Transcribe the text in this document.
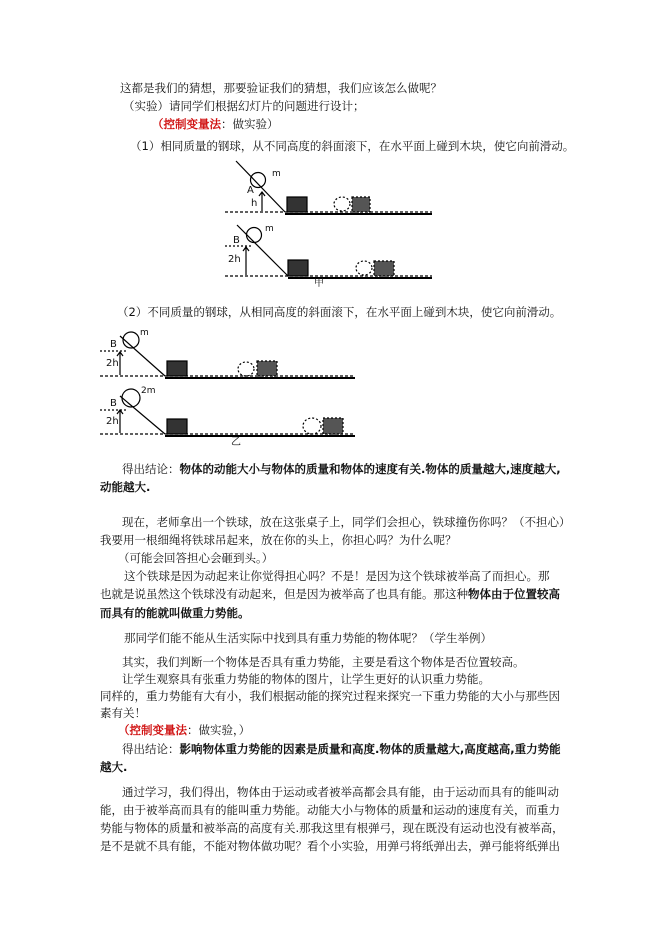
这都是我们的猜想，那要验证我们的猜想，我们应该怎么做呢？
（实验）请同学们根据幻灯片的问题进行设计；
（控制变量法：做实验）
（1）相同质量的钢球，从不同高度的斜面滚下，在水平面上碰到木块，使它向前滑动。
m
A
h
B
m
2h
甲
（2）不同质量的钢球，从相同高度的斜面滚下，在水平面上碰到木块，使它向前滑动。
m
B
2h
2m
B
2h
乙
得出结论：物体的动能大小与物体的质量和物体的速度有关.物体的质量越大,速度越大,
动能越大.
现在，老师拿出一个铁球，放在这张桌子上，同学们会担心，铁球撞伤你吗？（不担心）
我要用一根细绳将铁球吊起来，放在你的头上，你担心吗？为什么呢？
（可能会回答担心会砸到头。）
这个铁球是因为动起来让你觉得担心吗？不是！是因为这个铁球被举高了而担心。那
也就是说虽然这个铁球没有动起来，但是因为被举高了也具有能。那这种物体由于位置较高
而具有的能就叫做重力势能。
那同学们能不能从生活实际中找到具有重力势能的物体呢？（学生举例）
其实，我们判断一个物体是否具有重力势能，主要是看这个物体是否位置较高。
让学生观察具有张重力势能的物体的图片，让学生更好的认识重力势能。
同样的，重力势能有大有小，我们根据动能的探究过程来探究一下重力势能的大小与那些因
素有关！
（控制变量法：做实验，）
得出结论：影响物体重力势能的因素是质量和高度.物体的质量越大,高度越高,重力势能
越大.
通过学习，我们得出，物体由于运动或者被举高都会具有能，由于运动而具有的能叫动
能，由于被举高而具有的能叫重力势能。动能大小与物体的质量和运动的速度有关，而重力
势能与物体的质量和被举高的高度有关.那我这里有根弹弓，现在既没有运动也没有被举高，
是不是就不具有能，不能对物体做功呢？看个小实验，用弹弓将纸弹出去，弹弓能将纸弹出
